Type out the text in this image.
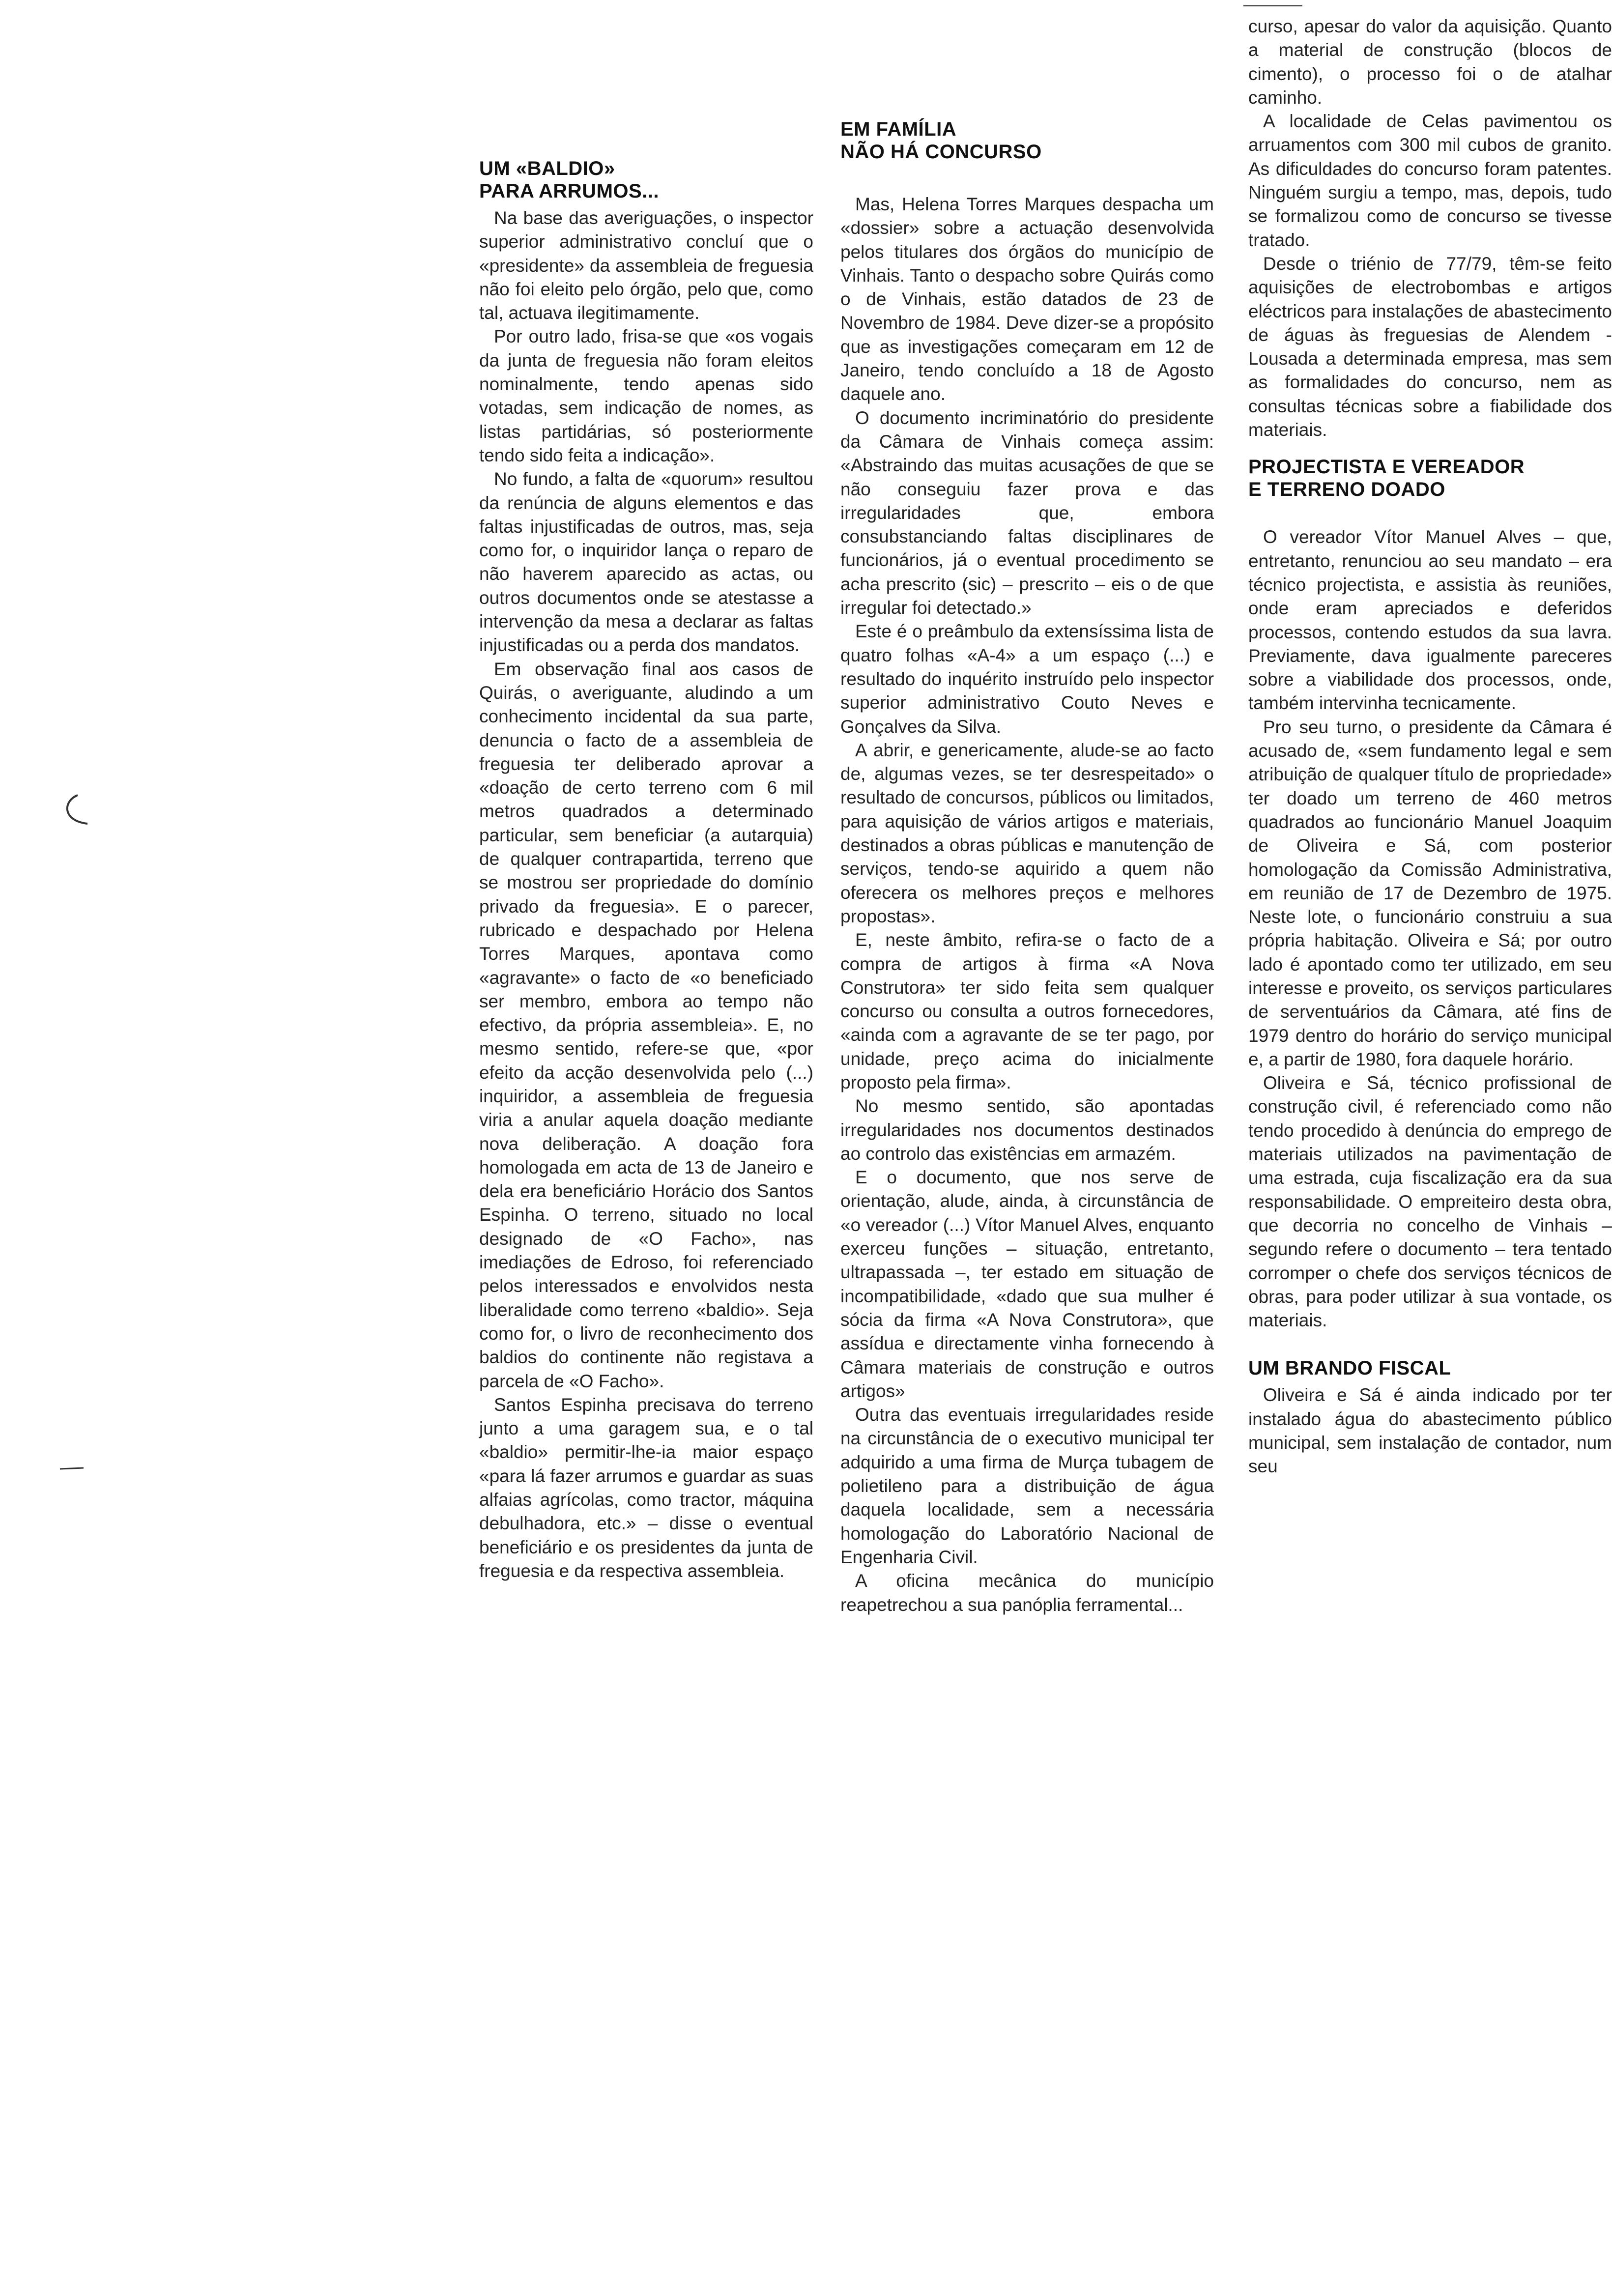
UM «BALDIO»
PARA ARRUMOS...

Na base das averiguações, o inspector superior administrativo concluí que o «presidente» da assembleia de freguesia não foi eleito pelo órgão, pelo que, como tal, actuava ilegitimamente.

Por outro lado, frisa-se que «os vogais da junta de freguesia não foram eleitos nominalmente, tendo apenas sido votadas, sem indicação de nomes, as listas partidárias, só posteriormente tendo sido feita a indicação».

No fundo, a falta de «quorum» resultou da renúncia de alguns elementos e das faltas injustificadas de outros, mas, seja como for, o inquiridor lança o reparo de não haverem aparecido as actas, ou outros documentos onde se atestasse a intervenção da mesa a declarar as faltas injustificadas ou a perda dos mandatos.

Em observação final aos casos de Quirás, o averiguante, aludindo a um conhecimento incidental da sua parte, denuncia o facto de a assembleia de freguesia ter deliberado aprovar a «doação de certo terreno com 6 mil metros quadrados a determinado particular, sem beneficiar (a autarquia) de qualquer contrapartida, terreno que se mostrou ser propriedade do domínio privado da freguesia». E o parecer, rubricado e despachado por Helena Torres Marques, apontava como «agravante» o facto de «o beneficiado ser membro, embora ao tempo não efectivo, da própria assembleia». E, no mesmo sentido, refere-se que, «por efeito da acção desenvolvida pelo (...) inquiridor, a assembleia de freguesia viria a anular aquela doação mediante nova deliberação. A doação fora homologada em acta de 13 de Janeiro e dela era beneficiário Horácio dos Santos Espinha. O terreno, situado no local designado de «O Facho», nas imediações de Edroso, foi referenciado pelos interessados e envolvidos nesta liberalidade como terreno «baldio». Seja como for, o livro de reconhecimento dos baldios do continente não registava a parcela de «O Facho».

Santos Espinha precisava do terreno junto a uma garagem sua, e o tal «baldio» permitir-lhe-ia maior espaço «para lá fazer arrumos e guardar as suas alfaias agrícolas, como tractor, máquina debulhadora, etc.» – disse o eventual beneficiário e os presidentes da junta de freguesia e da respectiva assembleia.

EM FAMÍLIA
NÃO HÁ CONCURSO

Mas, Helena Torres Marques despacha um «dossier» sobre a actuação desenvolvida pelos titulares dos órgãos do município de Vinhais. Tanto o despacho sobre Quirás como o de Vinhais, estão datados de 23 de Novembro de 1984. Deve dizer-se a propósito que as investigações começaram em 12 de Janeiro, tendo concluído a 18 de Agosto daquele ano.

O documento incriminatório do presidente da Câmara de Vinhais começa assim: «Abstraindo das muitas acusações de que se não conseguiu fazer prova e das irregularidades que, embora consubstanciando faltas disciplinares de funcionários, já o eventual procedimento se acha prescrito (sic) – prescrito – eis o de que irregular foi detectado.»

Este é o preâmbulo da extensíssima lista de quatro folhas «A-4» a um espaço (...) e resultado do inquérito instruído pelo inspector superior administrativo Couto Neves e Gonçalves da Silva.

A abrir, e genericamente, alude-se ao facto de, algumas vezes, se ter desrespeitado» o resultado de concursos, públicos ou limitados, para aquisição de vários artigos e materiais, destinados a obras públicas e manutenção de serviços, tendo-se aquirido a quem não oferecera os melhores preços e melhores propostas».

E, neste âmbito, refira-se o facto de a compra de artigos à firma «A Nova Construtora» ter sido feita sem qualquer concurso ou consulta a outros fornecedores, «ainda com a agravante de se ter pago, por unidade, preço acima do inicialmente proposto pela firma».

No mesmo sentido, são apontadas irregularidades nos documentos destinados ao controlo das existências em armazém.

E o documento, que nos serve de orientação, alude, ainda, à circunstância de «o vereador (...) Vítor Manuel Alves, enquanto exerceu funções – situação, entretanto, ultrapassada –, ter estado em situação de incompatibilidade, «dado que sua mulher é sócia da firma «A Nova Construtora», que assídua e directamente vinha fornecendo à Câmara materiais de construção e outros artigos»

Outra das eventuais irregularidades reside na circunstância de o executivo municipal ter adquirido a uma firma de Murça tubagem de polietileno para a distribuição de água daquela localidade, sem a necessária homologação do Laboratório Nacional de Engenharia Civil.

A oficina mecânica do município reapetrechou a sua panóplia ferramental...

curso, apesar do valor da aquisição. Quanto a material de construção (blocos de cimento), o processo foi o de atalhar caminho.

A localidade de Celas pavimentou os arruamentos com 300 mil cubos de granito. As dificuldades do concurso foram patentes. Ninguém surgiu a tempo, mas, depois, tudo se formalizou como de concurso se tivesse tratado.

Desde o triénio de 77/79, têm-se feito aquisições de electrobombas e artigos eléctricos para instalações de abastecimento de águas às freguesias de Alendem - Lousada a determinada empresa, mas sem as formalidades do concurso, nem as consultas técnicas sobre a fiabilidade dos materiais.

PROJECTISTA E VEREADOR
E TERRENO DOADO

O vereador Vítor Manuel Alves – que, entretanto, renunciou ao seu mandato – era técnico projectista, e assistia às reuniões, onde eram apreciados e deferidos processos, contendo estudos da sua lavra. Previamente, dava igualmente pareceres sobre a viabilidade dos processos, onde, também intervinha tecnicamente.

Pro seu turno, o presidente da Câmara é acusado de, «sem fundamento legal e sem atribuição de qualquer título de propriedade» ter doado um terreno de 460 metros quadrados ao funcionário Manuel Joaquim de Oliveira e Sá, com posterior homologação da Comissão Administrativa, em reunião de 17 de Dezembro de 1975. Neste lote, o funcionário construiu a sua própria habitação. Oliveira e Sá; por outro lado é apontado como ter utilizado, em seu interesse e proveito, os serviços particulares de serventuários da Câmara, até fins de 1979 dentro do horário do serviço municipal e, a partir de 1980, fora daquele horário.

Oliveira e Sá, técnico profissional de construção civil, é referenciado como não tendo procedido à denúncia do emprego de materiais utilizados na pavimentação de uma estrada, cuja fiscalização era da sua responsabilidade. O empreiteiro desta obra, que decorria no concelho de Vinhais – segundo refere o documento – tera tentado corromper o chefe dos serviços técnicos de obras, para poder utilizar à sua vontade, os materiais.

UM BRANDO FISCAL

Oliveira e Sá é ainda indicado por ter instalado água do abastecimento público municipal, sem instalação de contador, num seu
